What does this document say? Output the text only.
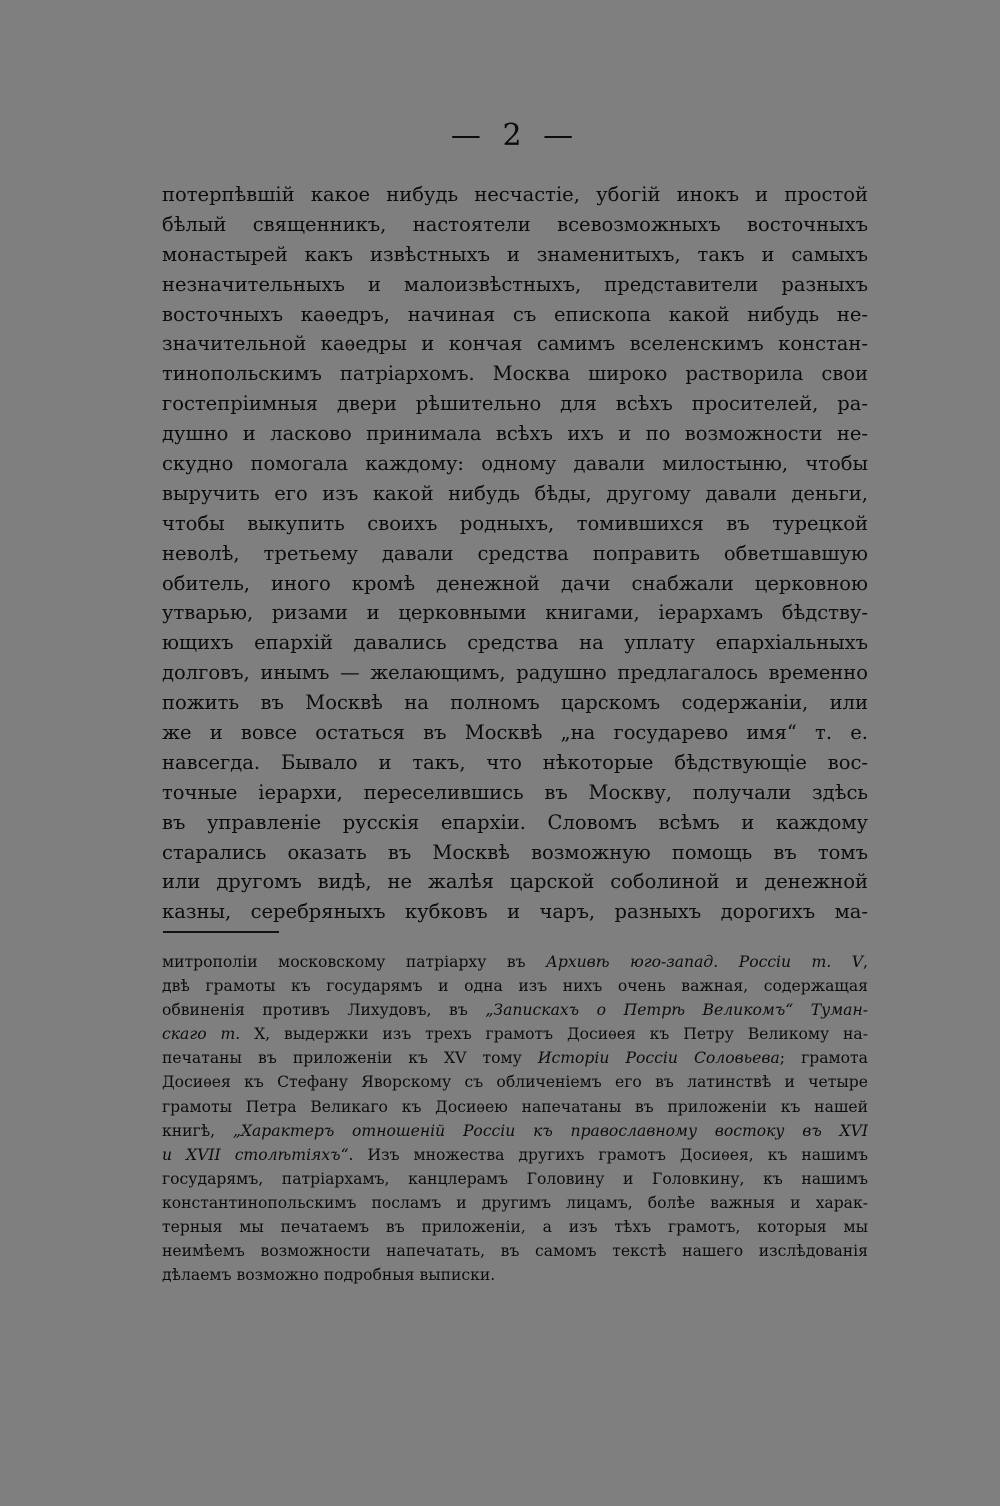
— 2 —
потерпѣвшій какое нибудь несчастіе, убогій инокъ и простой
бѣлый священникъ, настоятели всевозможныхъ восточныхъ
монастырей какъ извѣстныхъ и знаменитыхъ, такъ и самыхъ
незначительныхъ и малоизвѣстныхъ, представители разныхъ
восточныхъ каѳедръ, начиная съ епископа какой нибудь не-
значительной каѳедры и кончая самимъ вселенскимъ констан-
тинопольскимъ патріархомъ. Москва широко растворила свои
гостепріимныя двери рѣшительно для всѣхъ просителей, ра-
душно и ласково принимала всѣхъ ихъ и по возможности не-
скудно помогала каждому: одному давали милостыню, чтобы
выручить его изъ какой нибудь бѣды, другому давали деньги,
чтобы выкупить своихъ родныхъ, томившихся въ турецкой
неволѣ, третьему давали средства поправить обветшавшую
обитель, иного кромѣ денежной дачи снабжали церковною
утварью, ризами и церковными книгами, іерархамъ бѣдству-
ющихъ епархій давались средства на уплату епархіальныхъ
долговъ, инымъ — желающимъ, радушно предлагалось временно
пожить въ Москвѣ на полномъ царскомъ содержаніи, или
же и вовсе остаться въ Москвѣ „на государево имя“ т. е.
навсегда. Бывало и такъ, что нѣкоторые бѣдствующіе вос-
точные іерархи, переселившись въ Москву, получали здѣсь
въ управленіе русскія епархіи. Словомъ всѣмъ и каждому
старались оказать въ Москвѣ возможную помощь въ томъ
или другомъ видѣ, не жалѣя царской соболиной и денежной
казны, серебряныхъ кубковъ и чаръ, разныхъ дорогихъ ма-
митрополіи московскому патріарху въ Архивѣ юго-запад. Россіи т. V,
двѣ грамоты къ государямъ и одна изъ нихъ очень важная, содержащая
обвиненія противъ Лихудовъ, въ „Запискахъ о Петрѣ Великомъ“ Туман-
скаго т. X, выдержки изъ трехъ грамотъ Досиѳея къ Петру Великому на-
печатаны въ приложеніи къ XV тому Исторіи Россіи Соловьева; грамота
Досиѳея къ Стефану Яворскому съ обличеніемъ его въ латинствѣ и четыре
грамоты Петра Великаго къ Досиѳею напечатаны въ приложеніи къ нашей
книгѣ, „Характеръ отношеній Россіи къ православному востоку въ XVI
и XVII столѣтіяхъ“. Изъ множества другихъ грамотъ Досиѳея, къ нашимъ
государямъ, патріархамъ, канцлерамъ Головину и Головкину, къ нашимъ
константинопольскимъ посламъ и другимъ лицамъ, болѣе важныя и харак-
терныя мы печатаемъ въ приложеніи, а изъ тѣхъ грамотъ, которыя мы
неимѣемъ возможности напечатать, въ самомъ текстѣ нашего изслѣдованія
дѣлаемъ возможно подробныя выписки.
